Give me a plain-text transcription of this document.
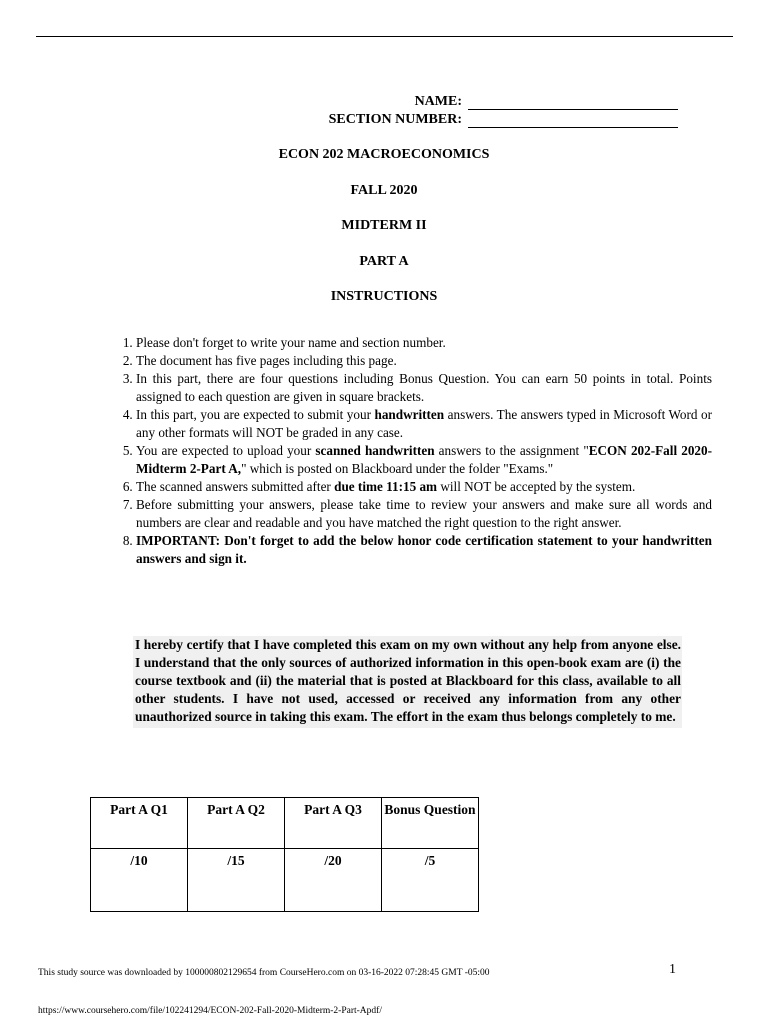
NAME:
SECTION NUMBER:
ECON 202 MACROECONOMICS
FALL 2020
MIDTERM II
PART A
INSTRUCTIONS
1. Please don't forget to write your name and section number.
2. The document has five pages including this page.
3. In this part, there are four questions including Bonus Question. You can earn 50 points in total. Points assigned to each question are given in square brackets.
4. In this part, you are expected to submit your handwritten answers. The answers typed in Microsoft Word or any other formats will NOT be graded in any case.
5. You are expected to upload your scanned handwritten answers to the assignment "ECON 202-Fall 2020-Midterm 2-Part A," which is posted on Blackboard under the folder "Exams."
6. The scanned answers submitted after due time 11:15 am will NOT be accepted by the system.
7. Before submitting your answers, please take time to review your answers and make sure all words and numbers are clear and readable and you have matched the right question to the right answer.
8. IMPORTANT: Don't forget to add the below honor code certification statement to your handwritten answers and sign it.
I hereby certify that I have completed this exam on my own without any help from anyone else. I understand that the only sources of authorized information in this open-book exam are (i) the course textbook and (ii) the material that is posted at Blackboard for this class, available to all other students. I have not used, accessed or received any information from any other unauthorized source in taking this exam. The effort in the exam thus belongs completely to me.
Part A Q1	Part A Q2	Part A Q3	Bonus Question
/10	/15	/20	/5
This study source was downloaded by 100000802129654 from CourseHero.com on 03-16-2022 07:28:45 GMT -05:00	1
https://www.coursehero.com/file/102241294/ECON-202-Fall-2020-Midterm-2-Part-Apdf/
